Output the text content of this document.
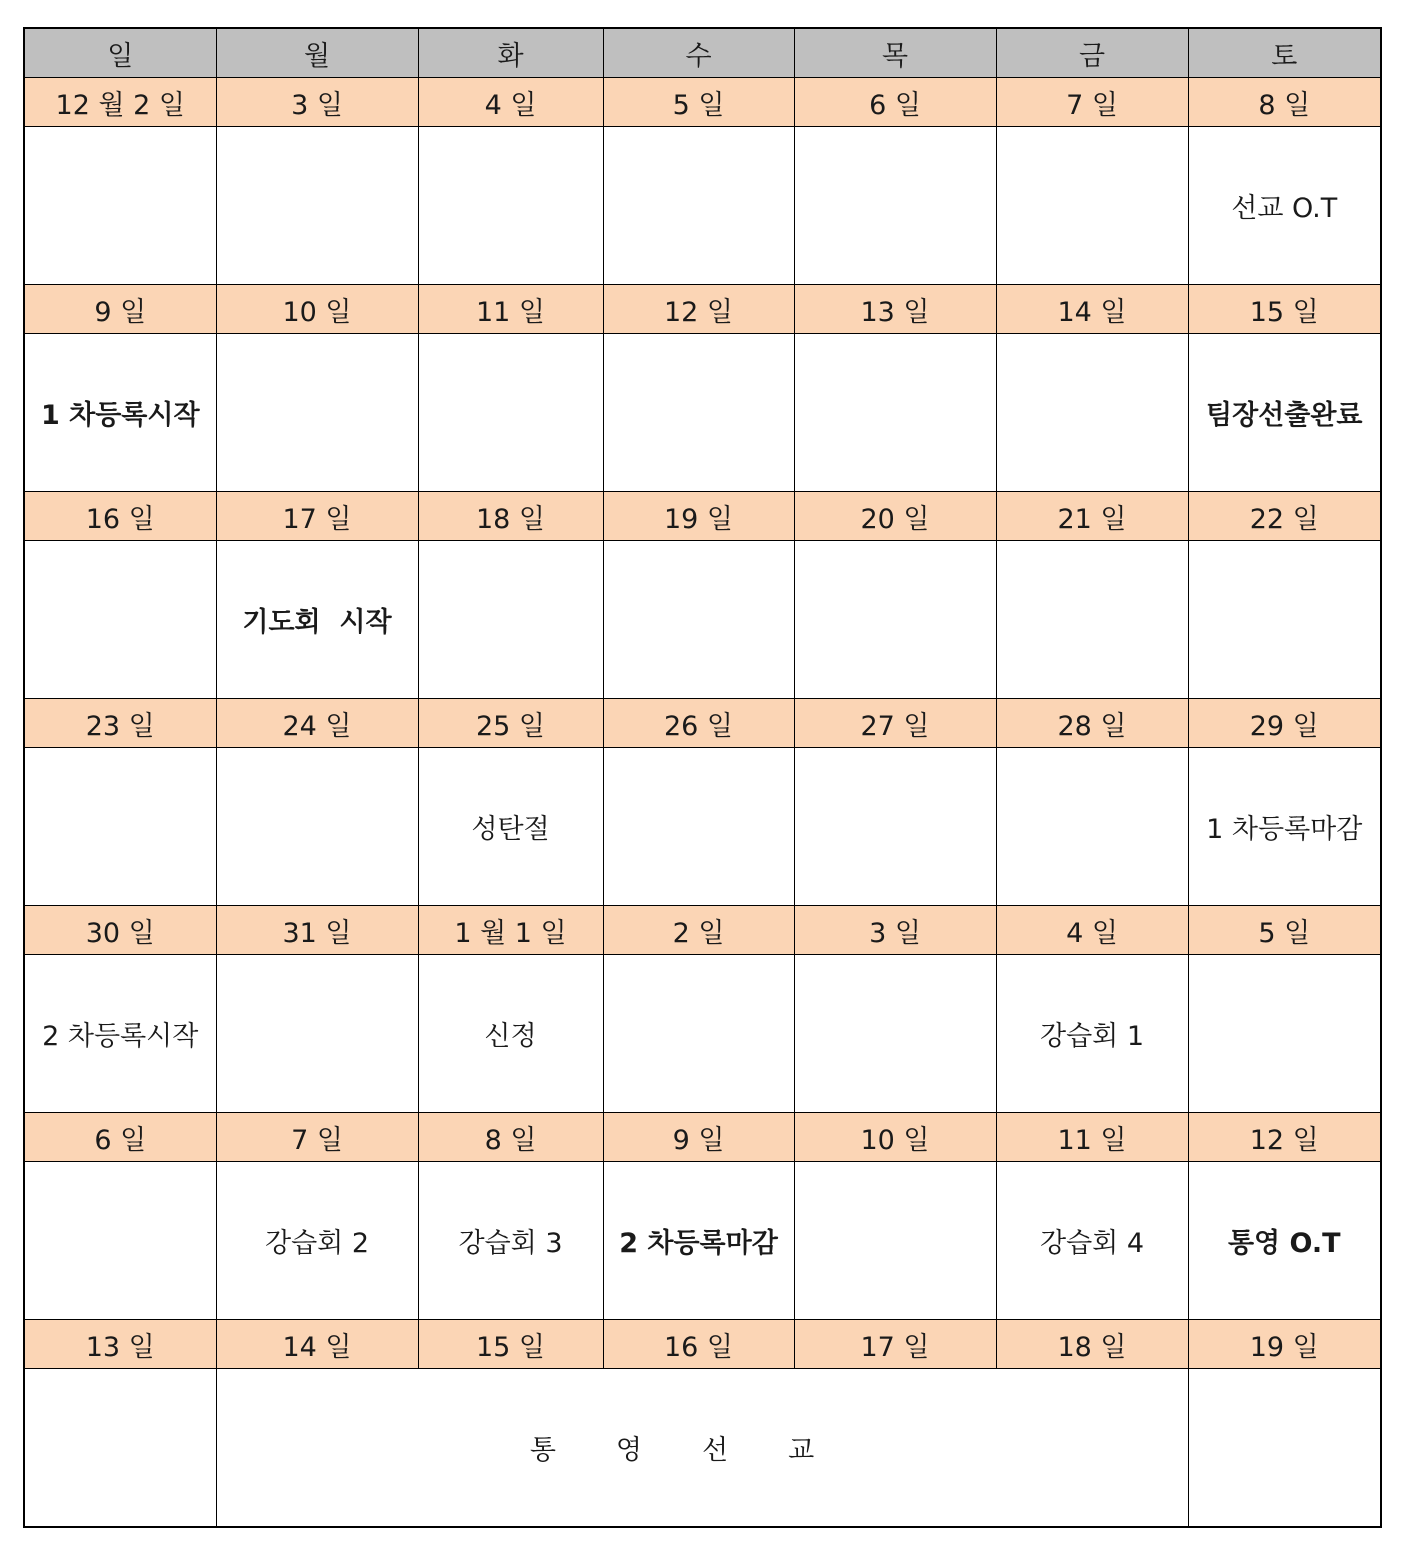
일	월	화	수	목	금	토
12 월 2 일	3 일	4 일	5 일	6 일	7 일	8 일
						선교 O.T
9 일	10 일	11 일	12 일	13 일	14 일	15 일
1 차등록시작						팀장선출완료
16 일	17 일	18 일	19 일	20 일	21 일	22 일
	기도회  시작					
23 일	24 일	25 일	26 일	27 일	28 일	29 일
		성탄절				1 차등록마감
30 일	31 일	1 월 1 일	2 일	3 일	4 일	5 일
2 차등록시작		신정			강습회 1	
6 일	7 일	8 일	9 일	10 일	11 일	12 일
	강습회 2	강습회 3	2 차등록마감		강습회 4	통영 O.T
13 일	14 일	15 일	16 일	17 일	18 일	19 일
	통영선교					
